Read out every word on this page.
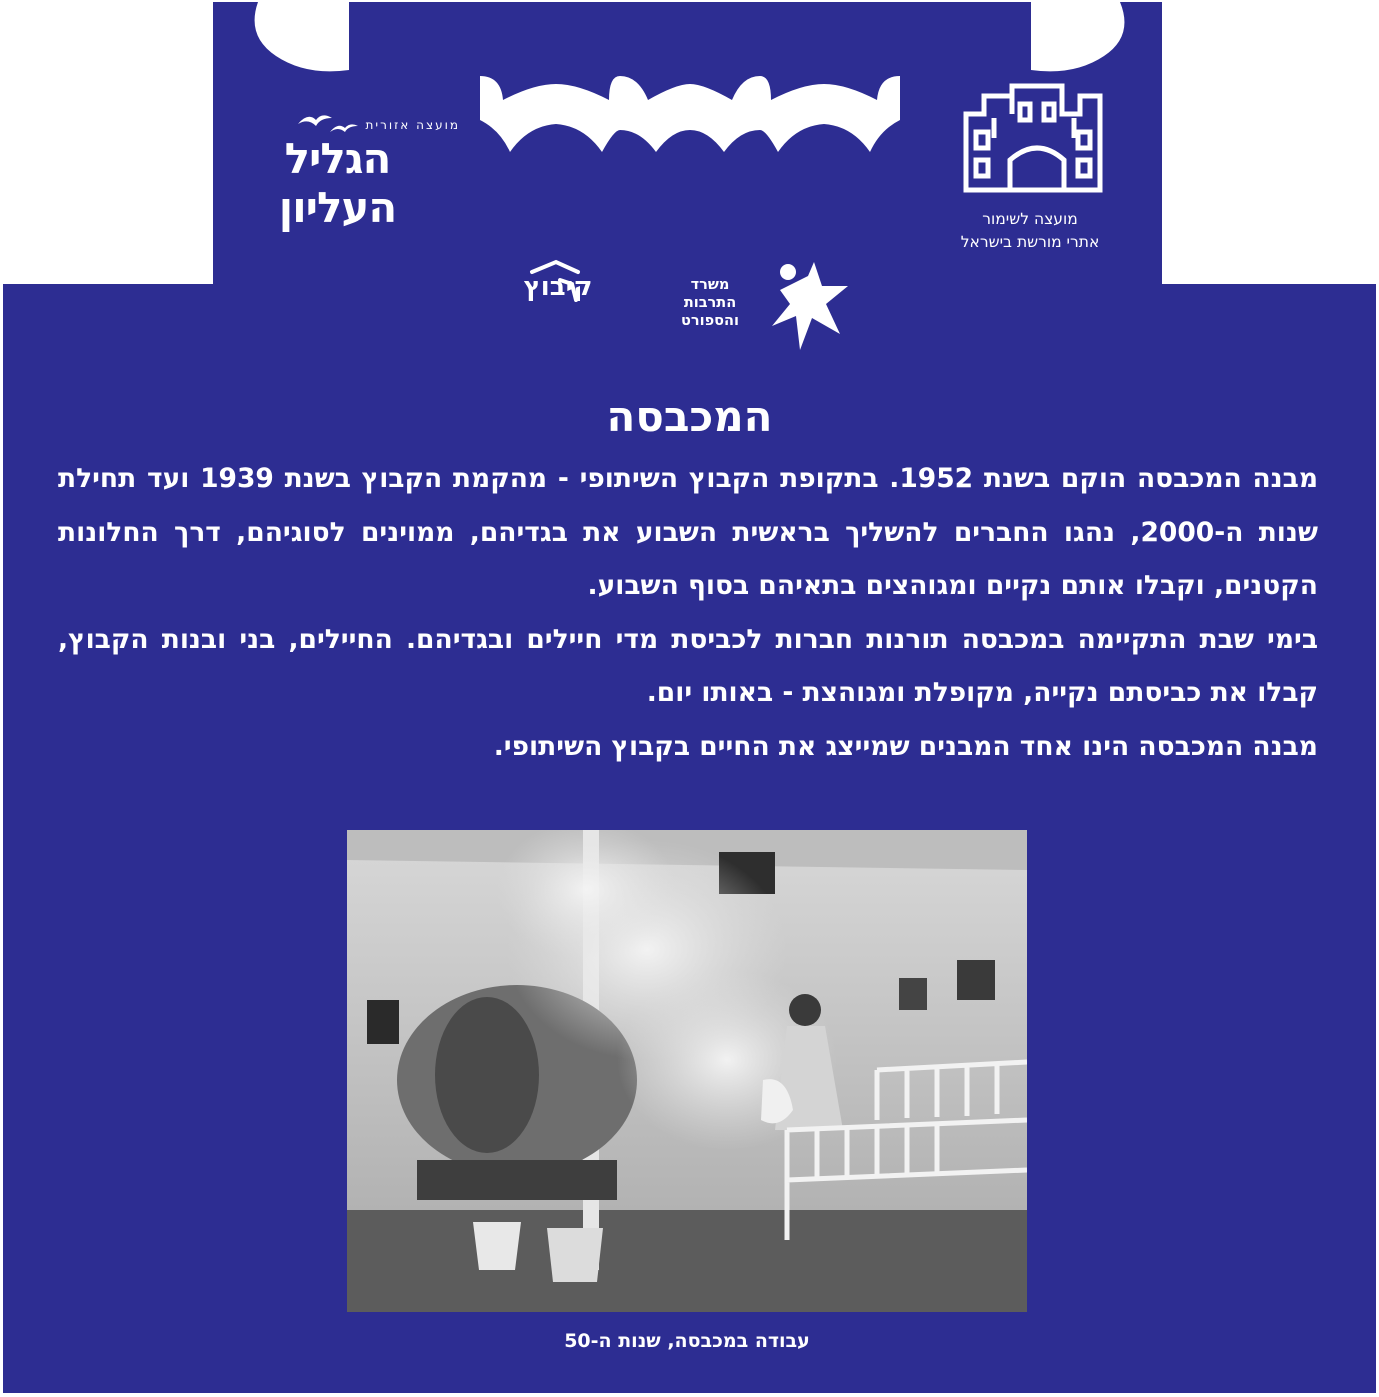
מועצה לשימור
אתרי מורשת בישראל
מועצה אזורית
הגליל העליון
משרד
התרבות
והספורט
קיבוץ
המכבסה

מבנה המכבסה הוקם בשנת 1952. בתקופת הקבוץ השיתופי - מהקמת הקבוץ בשנת 1939 ועד תחילת שנות ה-2000, נהגו החברים להשליך בראשית השבוע את בגדיהם, ממוינים לסוגיהם, דרך החלונות הקטנים, וקבלו אותם נקיים ומגוהצים בתאיהם בסוף השבוע.

בימי שבת התקיימה במכבסה תורנות חברות לכביסת מדי חיילים ובגדיהם. החיילים, בני ובנות הקבוץ, קבלו את כביסתם נקייה, מקופלת ומגוהצת - באותו יום.

מבנה המכבסה הינו אחד המבנים שמייצג את החיים בקבוץ השיתופי.

עבודה במכבסה, שנות ה-50
